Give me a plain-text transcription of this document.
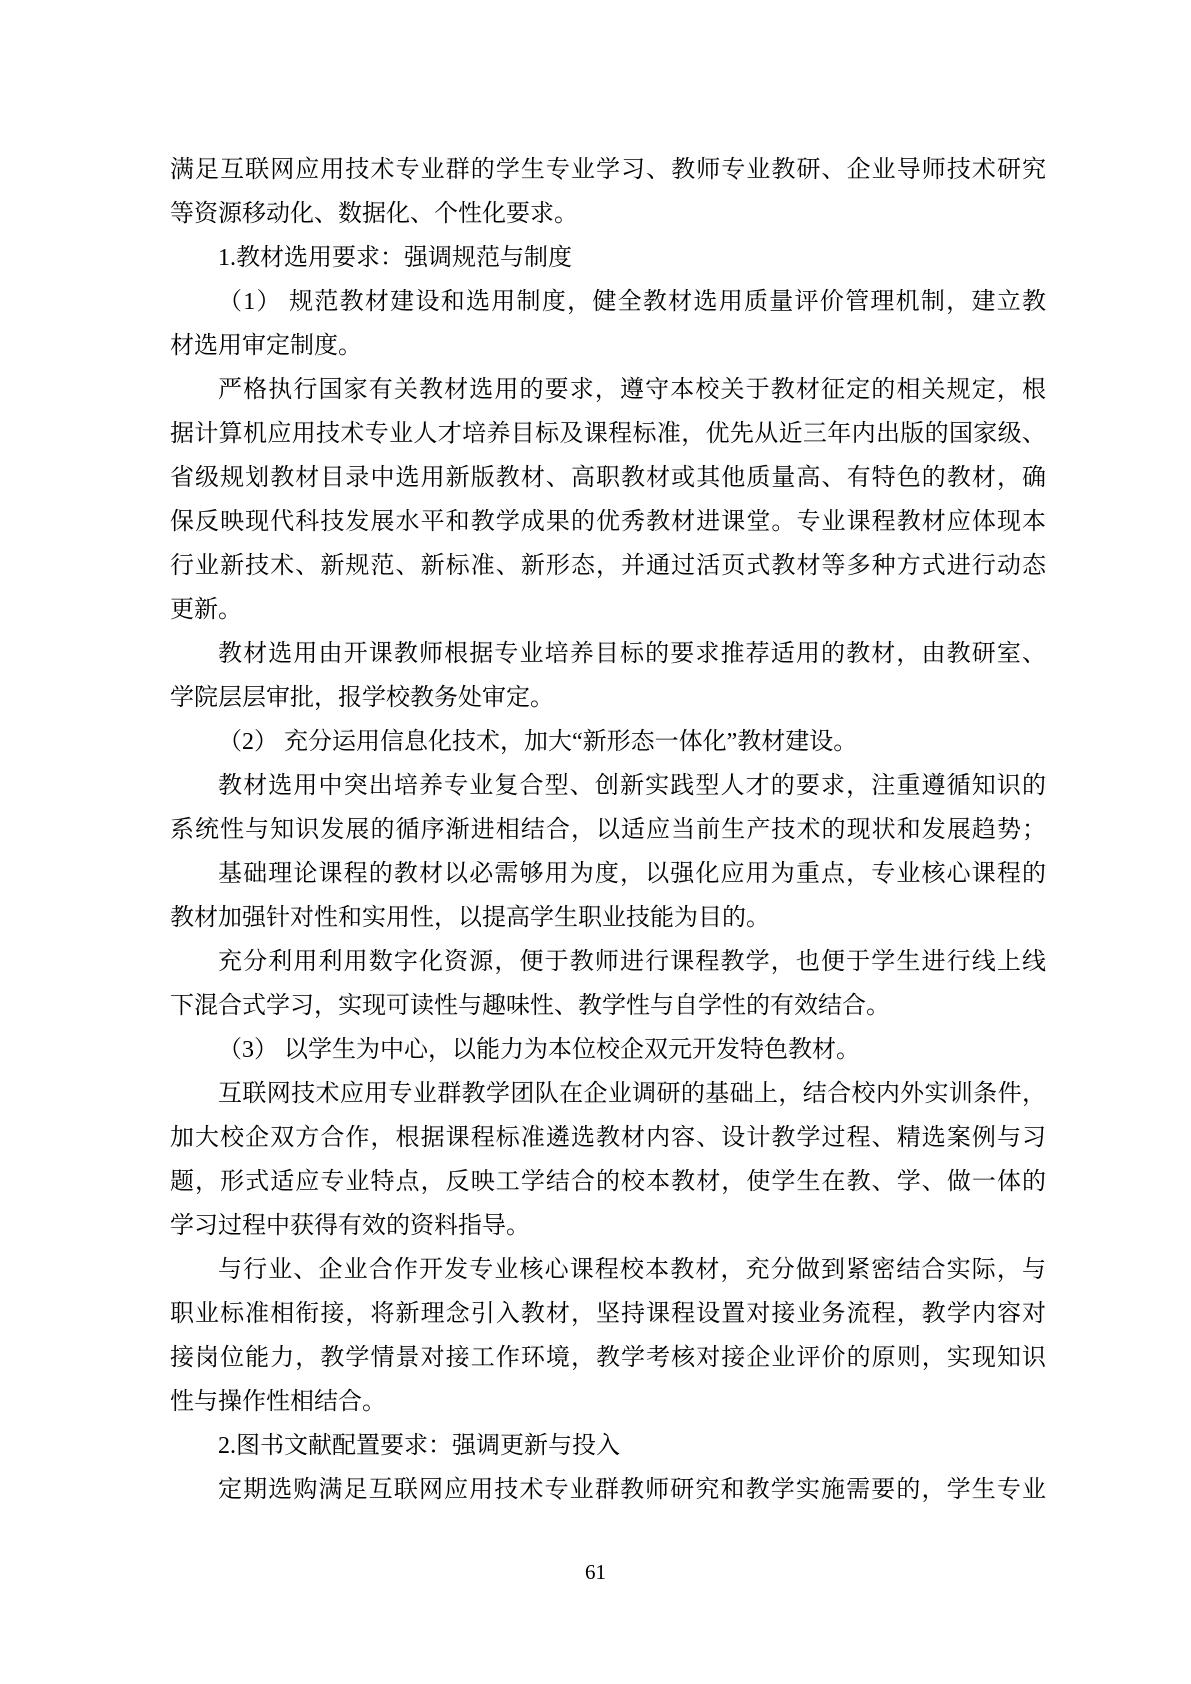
满足互联网应用技术专业群的学生专业学习、教师专业教研、企业导师技术研究
等资源移动化、数据化、个性化要求。
1.教材选用要求：强调规范与制度
（1） 规范教材建设和选用制度，健全教材选用质量评价管理机制，建立教
材选用审定制度。
严格执行国家有关教材选用的要求，遵守本校关于教材征定的相关规定，根
据计算机应用技术专业人才培养目标及课程标准，优先从近三年内出版的国家级、
省级规划教材目录中选用新版教材、高职教材或其他质量高、有特色的教材，确
保反映现代科技发展水平和教学成果的优秀教材进课堂。专业课程教材应体现本
行业新技术、新规范、新标准、新形态，并通过活页式教材等多种方式进行动态
更新。
教材选用由开课教师根据专业培养目标的要求推荐适用的教材，由教研室、
学院层层审批，报学校教务处审定。
（2） 充分运用信息化技术，加大“新形态一体化”教材建设。
教材选用中突出培养专业复合型、创新实践型人才的要求，注重遵循知识的
系统性与知识发展的循序渐进相结合，以适应当前生产技术的现状和发展趋势；
基础理论课程的教材以必需够用为度，以强化应用为重点，专业核心课程的
教材加强针对性和实用性，以提高学生职业技能为目的。
充分利用利用数字化资源，便于教师进行课程教学，也便于学生进行线上线
下混合式学习，实现可读性与趣味性、教学性与自学性的有效结合。
（3） 以学生为中心，以能力为本位校企双元开发特色教材。
互联网技术应用专业群教学团队在企业调研的基础上，结合校内外实训条件，
加大校企双方合作，根据课程标准遴选教材内容、设计教学过程、精选案例与习
题，形式适应专业特点，反映工学结合的校本教材，使学生在教、学、做一体的
学习过程中获得有效的资料指导。
与行业、企业合作开发专业核心课程校本教材，充分做到紧密结合实际，与
职业标准相衔接，将新理念引入教材，坚持课程设置对接业务流程，教学内容对
接岗位能力，教学情景对接工作环境，教学考核对接企业评价的原则，实现知识
性与操作性相结合。
2.图书文献配置要求：强调更新与投入
定期选购满足互联网应用技术专业群教师研究和教学实施需要的，学生专业
61
